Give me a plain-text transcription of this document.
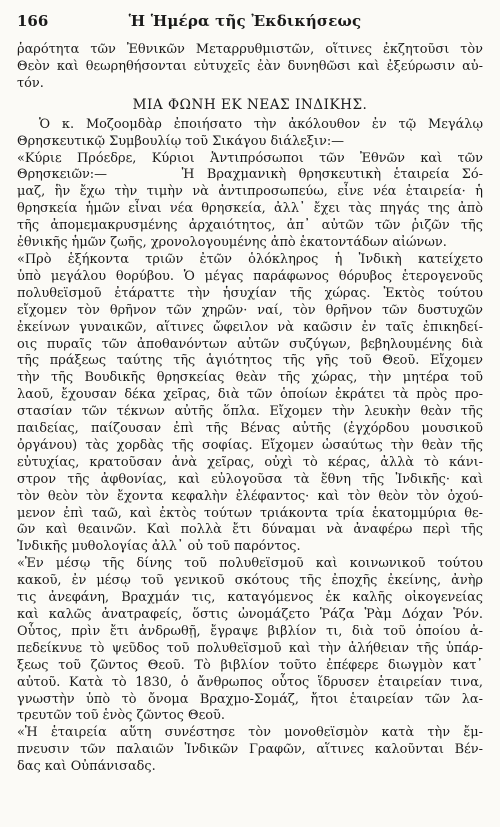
166	Ἡ Ἡμέρα τῆς Ἐκδικήσεως

ῥαρότητα τῶν Ἐθνικῶν Μεταρρυθμιστῶν, οἵτινες ἐκζητοῦσι τὸν
Θεὸν καὶ θεωρηθήσονται εὐτυχεῖς ἐὰν δυνηθῶσι καὶ ἐξεύρωσιν αὐ-
τόν.

ΜΙΑ ΦΩΝΗ ΕΚ ΝΕΑΣ ΙΝΔΙΚΗΣ.

Ὁ κ. Μοζοομδὰρ ἐποιήσατο τὴν ἀκόλουθον ἐν τῷ Μεγάλῳ
Θρησκευτικῷ Συμβουλίῳ τοῦ Σικάγου διάλεξιν:—

«Κύριε Πρόεδρε, Κύριοι Ἀντιπρόσωποι τῶν Ἐθνῶν καὶ τῶν
Θρησκειῶν:—      Ἡ Βραχμανικὴ θρησκευτικὴ ἑταιρεία Σό-
μαζ, ἣν ἔχω τὴν τιμὴν νὰ ἀντιπροσωπεύω, εἶνε νέα ἑταιρεία· ἡ
θρησκεία ἡμῶν εἶναι νέα θρησκεία, ἀλλ᾽ ἔχει τὰς πηγάς της ἀπὸ
τῆς ἀπομεμακρυσμένης ἀρχαιότητος, ἀπ᾽ αὐτῶν τῶν ῥιζῶν τῆς
ἐθνικῆς ἡμῶν ζωῆς, χρονολογουμένης ἀπὸ ἑκατοντάδων αἰώνων.

«Πρὸ ἑξήκοντα τριῶν ἐτῶν ὁλόκληρος ἡ Ἰνδικὴ κατείχετο
ὑπὸ μεγάλου θορύβου. Ὁ μέγας παράφωνος θόρυβος ἑτερογενοῦς
πολυθεϊσμοῦ ἐτάραττε τὴν ἡσυχίαν τῆς χώρας. Ἐκτὸς τούτου
εἴχομεν τὸν θρῆνον τῶν χηρῶν· ναί, τὸν θρῆνον τῶν δυστυχῶν
ἐκείνων γυναικῶν, αἵτινες ὤφειλον νὰ καῶσιν ἐν ταῖς ἐπικηδεί-
οις πυραῖς τῶν ἀποθανόντων αὐτῶν συζύγων, βεβηλουμένης διὰ
τῆς πράξεως ταύτης τῆς ἁγιότητος τῆς γῆς τοῦ Θεοῦ. Εἴχομεν
τὴν τῆς Βουδικῆς θρησκείας θεὰν τῆς χώρας, τὴν μητέρα τοῦ
λαοῦ, ἔχουσαν δέκα χεῖρας, διὰ τῶν ὁποίων ἐκράτει τὰ πρὸς προ-
στασίαν τῶν τέκνων αὐτῆς ὅπλα. Εἴχομεν τὴν λευκὴν θεὰν τῆς
παιδείας, παίζουσαν ἐπὶ τῆς Βένας αὐτῆς (ἐγχόρδου μουσικοῦ
ὀργάνου) τὰς χορδὰς τῆς σοφίας. Εἴχομεν ὡσαύτως τὴν θεὰν τῆς
εὐτυχίας, κρατοῦσαν ἀνὰ χεῖρας, οὐχὶ τὸ κέρας, ἀλλὰ τὸ κάνι-
στρον τῆς ἀφθονίας, καὶ εὐλογοῦσα τὰ ἔθνη τῆς Ἰνδικῆς· καὶ
τὸν θεὸν τὸν ἔχοντα κεφαλὴν ἐλέφαντος· καὶ τὸν θεὸν τὸν ὀχού-
μενον ἐπὶ ταῶ, καὶ ἐκτὸς τούτων τριάκοντα τρία ἑκατομμύρια θε-
ῶν καὶ θεαινῶν. Καὶ πολλὰ ἔτι δύναμαι νὰ ἀναφέρω περὶ τῆς
Ἰνδικῆς μυθολογίας ἀλλ᾽ οὐ τοῦ παρόντος.

«Ἐν μέσῳ τῆς δίνης τοῦ πολυθεϊσμοῦ καὶ κοινωνικοῦ τούτου
κακοῦ, ἐν μέσῳ τοῦ γενικοῦ σκότους τῆς ἐποχῆς ἐκείνης, ἀνὴρ
τις ἀνεφάνη, Βραχμάν τις, καταγόμενος ἐκ καλῆς οἰκογενείας
καὶ καλῶς ἀνατραφείς, ὅστις ὠνομάζετο Ῥάζα Ῥὰμ Δόχαν Ῥόν.
Οὗτος, πρὶν ἔτι ἀνδρωθῇ, ἔγραψε βιβλίον τι, διὰ τοῦ ὁποίου ἀ-
πεδείκνυε τὸ ψεῦδος τοῦ πολυθεϊσμοῦ καὶ τὴν ἀλήθειαν τῆς ὑπάρ-
ξεως τοῦ ζῶντος Θεοῦ. Τὸ βιβλίον τοῦτο ἐπέφερε διωγμὸν κατ᾽
αὐτοῦ. Κατὰ τὸ 1830, ὁ ἄνθρωπος οὗτος ἵδρυσεν ἑταιρείαν τινα,
γνωστὴν ὑπὸ τὸ ὄνομα Βραχμο-Σομάζ, ἤτοι ἑταιρείαν τῶν λα-
τρευτῶν τοῦ ἑνὸς ζῶντος Θεοῦ.

«Ἡ ἑταιρεία αὕτη συνέστησε τὸν μονοθεϊσμὸν κατὰ τὴν ἔμ-
πνευσιν τῶν παλαιῶν Ἰνδικῶν Γραφῶν, αἵτινες καλοῦνται Βέν-
δας καὶ Οὐπάνισαδς.
